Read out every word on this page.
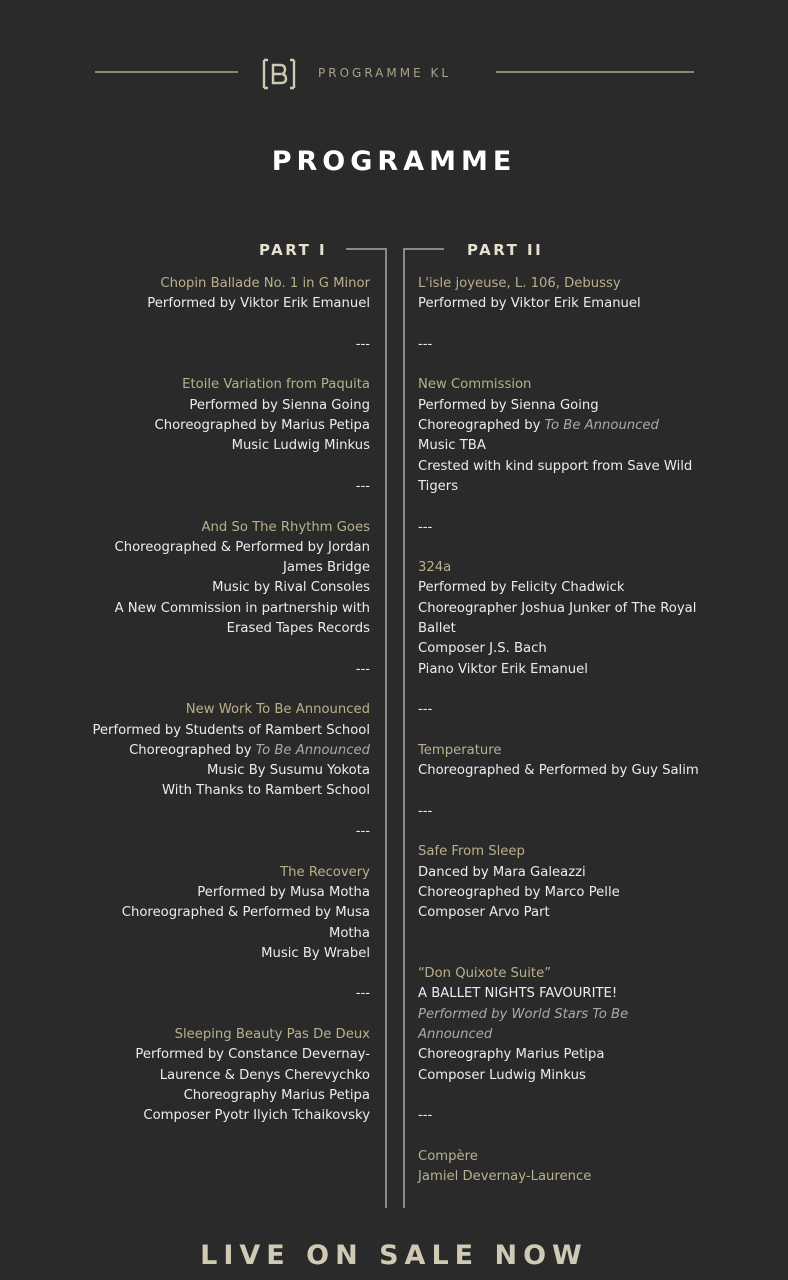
PROGRAMME KL
PROGRAMME
PART I	PART II

Chopin Ballade No. 1 in G Minor

Performed by Viktor Erik Emanuel

---

Etoile Variation from Paquita

Performed by Sienna Going

Choreographed by Marius Petipa

Music Ludwig Minkus

---

And So The Rhythm Goes

Choreographed & Performed by Jordan

James Bridge

Music by Rival Consoles

A New Commission in partnership with

Erased Tapes Records

---

New Work To Be Announced

Performed by Students of Rambert School

Choreographed by To Be Announced

Music By Susumu Yokota

With Thanks to Rambert School

---

The Recovery

Performed by Musa Motha

Choreographed & Performed by Musa

Motha

Music By Wrabel

---

Sleeping Beauty Pas De Deux

Performed by Constance Devernay-

Laurence & Denys Cherevychko

Choreography Marius Petipa

Composer Pyotr Ilyich Tchaikovsky

L'isle joyeuse, L. 106, Debussy

Performed by Viktor Erik Emanuel

---

New Commission

Performed by Sienna Going

Choreographed by To Be Announced

Music TBA

Crested with kind support from Save Wild

Tigers

---

324a

Performed by Felicity Chadwick

Choreographer Joshua Junker of The Royal

Ballet

Composer J.S. Bach

Piano Viktor Erik Emanuel

---

Temperature

Choreographed & Performed by Guy Salim

---

Safe From Sleep

Danced by Mara Galeazzi

Choreographed by Marco Pelle

Composer Arvo Part

“Don Quixote Suite”

A BALLET NIGHTS FAVOURITE!

Performed by World Stars To Be

Announced

Choreography Marius Petipa

Composer Ludwig Minkus

---

Compère

Jamiel Devernay-Laurence

LIVE ON SALE NOW
